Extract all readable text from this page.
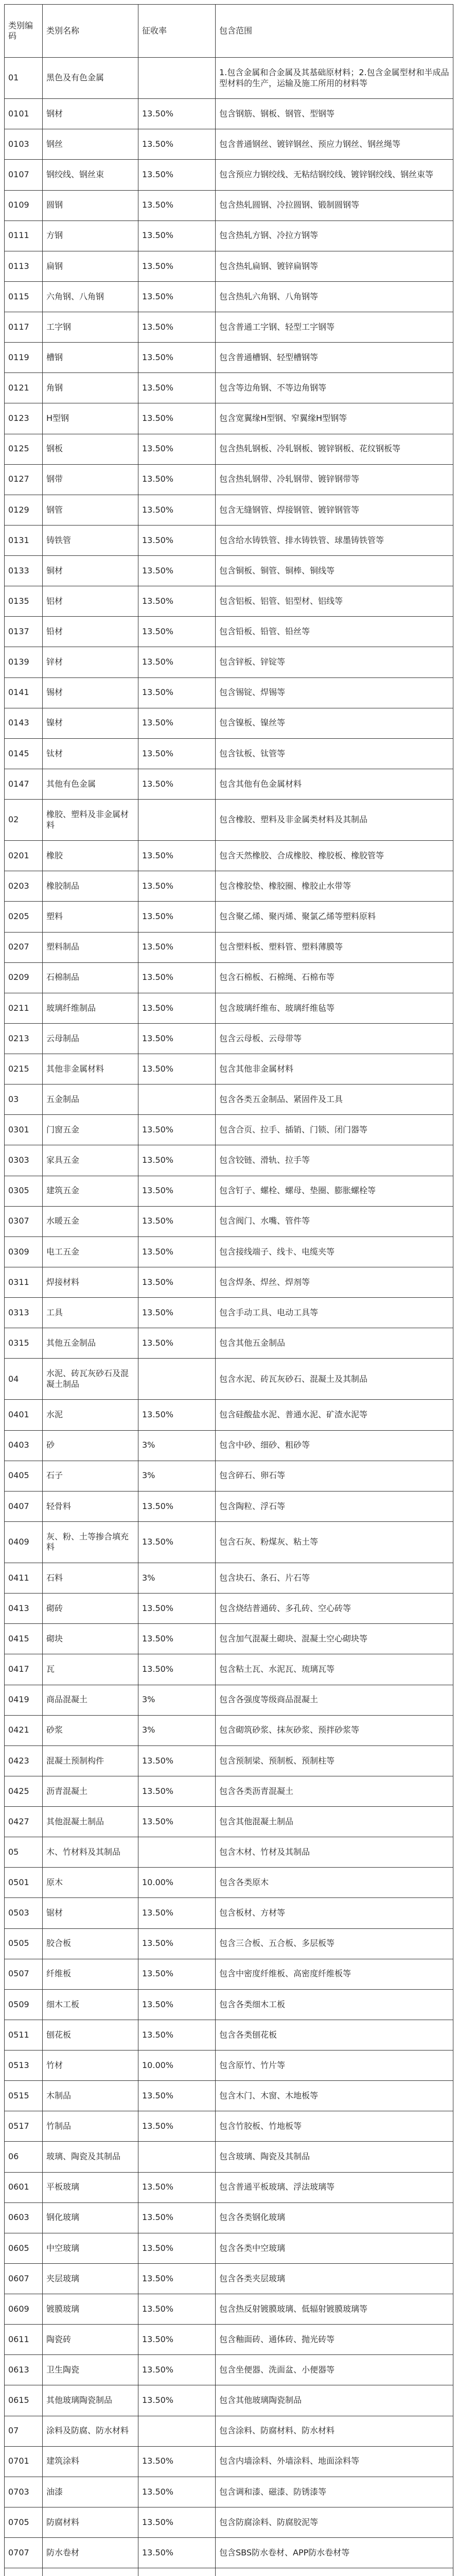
类别编码	类别名称	征收率	包含范围
01	黑色及有色金属		1.包含金属和合金属及其基础原材料；2.包含金属型材和半成品型材料的生产，运输及施工所用的材料等
0101	钢材	13.50%	包含钢筋、钢板、钢管、型钢等
0103	钢丝	13.50%	包含普通钢丝、镀锌钢丝、预应力钢丝、钢丝绳等
0107	钢绞线、钢丝束	13.50%	包含预应力钢绞线、无粘结钢绞线、镀锌钢绞线、钢丝束等
0109	圆钢	13.50%	包含热轧圆钢、冷拉圆钢、锻制圆钢等
0111	方钢	13.50%	包含热轧方钢、冷拉方钢等
0113	扁钢	13.50%	包含热轧扁钢、镀锌扁钢等
0115	六角钢、八角钢	13.50%	包含热轧六角钢、八角钢等
0117	工字钢	13.50%	包含普通工字钢、轻型工字钢等
0119	槽钢	13.50%	包含普通槽钢、轻型槽钢等
0121	角钢	13.50%	包含等边角钢、不等边角钢等
0123	H型钢	13.50%	包含宽翼缘H型钢、窄翼缘H型钢等
0125	钢板	13.50%	包含热轧钢板、冷轧钢板、镀锌钢板、花纹钢板等
0127	钢带	13.50%	包含热轧钢带、冷轧钢带、镀锌钢带等
0129	钢管	13.50%	包含无缝钢管、焊接钢管、镀锌钢管等
0131	铸铁管	13.50%	包含给水铸铁管、排水铸铁管、球墨铸铁管等
0133	铜材	13.50%	包含铜板、铜管、铜棒、铜线等
0135	铝材	13.50%	包含铝板、铝管、铝型材、铝线等
0137	铅材	13.50%	包含铅板、铅管、铅丝等
0139	锌材	13.50%	包含锌板、锌锭等
0141	锡材	13.50%	包含锡锭、焊锡等
0143	镍材	13.50%	包含镍板、镍丝等
0145	钛材	13.50%	包含钛板、钛管等
0147	其他有色金属	13.50%	包含其他有色金属材料
02	橡胶、塑料及非金属材料		包含橡胶、塑料及非金属类材料及其制品
0201	橡胶	13.50%	包含天然橡胶、合成橡胶、橡胶板、橡胶管等
0203	橡胶制品	13.50%	包含橡胶垫、橡胶圈、橡胶止水带等
0205	塑料	13.50%	包含聚乙烯、聚丙烯、聚氯乙烯等塑料原料
0207	塑料制品	13.50%	包含塑料板、塑料管、塑料薄膜等
0209	石棉制品	13.50%	包含石棉板、石棉绳、石棉布等
0211	玻璃纤维制品	13.50%	包含玻璃纤维布、玻璃纤维毡等
0213	云母制品	13.50%	包含云母板、云母带等
0215	其他非金属材料	13.50%	包含其他非金属材料
03	五金制品		包含各类五金制品、紧固件及工具
0301	门窗五金	13.50%	包含合页、拉手、插销、门锁、闭门器等
0303	家具五金	13.50%	包含铰链、滑轨、拉手等
0305	建筑五金	13.50%	包含钉子、螺栓、螺母、垫圈、膨胀螺栓等
0307	水暖五金	13.50%	包含阀门、水嘴、管件等
0309	电工五金	13.50%	包含接线端子、线卡、电缆夹等
0311	焊接材料	13.50%	包含焊条、焊丝、焊剂等
0313	工具	13.50%	包含手动工具、电动工具等
0315	其他五金制品	13.50%	包含其他五金制品
04	水泥、砖瓦灰砂石及混凝土制品		包含水泥、砖瓦灰砂石、混凝土及其制品
0401	水泥	13.50%	包含硅酸盐水泥、普通水泥、矿渣水泥等
0403	砂	3%	包含中砂、细砂、粗砂等
0405	石子	3%	包含碎石、卵石等
0407	轻骨料	13.50%	包含陶粒、浮石等
0409	灰、粉、土等掺合填充料	13.50%	包含石灰、粉煤灰、粘土等
0411	石料	3%	包含块石、条石、片石等
0413	砌砖	13.50%	包含烧结普通砖、多孔砖、空心砖等
0415	砌块	13.50%	包含加气混凝土砌块、混凝土空心砌块等
0417	瓦	13.50%	包含粘土瓦、水泥瓦、琉璃瓦等
0419	商品混凝土	3%	包含各强度等级商品混凝土
0421	砂浆	3%	包含砌筑砂浆、抹灰砂浆、预拌砂浆等
0423	混凝土预制构件	13.50%	包含预制梁、预制板、预制柱等
0425	沥青混凝土	13.50%	包含各类沥青混凝土
0427	其他混凝土制品	13.50%	包含其他混凝土制品
05	木、竹材料及其制品		包含木材、竹材及其制品
0501	原木	10.00%	包含各类原木
0503	锯材	13.50%	包含板材、方材等
0505	胶合板	13.50%	包含三合板、五合板、多层板等
0507	纤维板	13.50%	包含中密度纤维板、高密度纤维板等
0509	细木工板	13.50%	包含各类细木工板
0511	刨花板	13.50%	包含各类刨花板
0513	竹材	10.00%	包含原竹、竹片等
0515	木制品	13.50%	包含木门、木窗、木地板等
0517	竹制品	13.50%	包含竹胶板、竹地板等
06	玻璃、陶瓷及其制品		包含玻璃、陶瓷及其制品
0601	平板玻璃	13.50%	包含普通平板玻璃、浮法玻璃等
0603	钢化玻璃	13.50%	包含各类钢化玻璃
0605	中空玻璃	13.50%	包含各类中空玻璃
0607	夹层玻璃	13.50%	包含各类夹层玻璃
0609	镀膜玻璃	13.50%	包含热反射镀膜玻璃、低辐射镀膜玻璃等
0611	陶瓷砖	13.50%	包含釉面砖、通体砖、抛光砖等
0613	卫生陶瓷	13.50%	包含坐便器、洗面盆、小便器等
0615	其他玻璃陶瓷制品	13.50%	包含其他玻璃陶瓷制品
07	涂料及防腐、防水材料		包含涂料、防腐材料、防水材料
0701	建筑涂料	13.50%	包含内墙涂料、外墙涂料、地面涂料等
0703	油漆	13.50%	包含调和漆、磁漆、防锈漆等
0705	防腐材料	13.50%	包含防腐涂料、防腐胶泥等
0707	防水卷材	13.50%	包含SBS防水卷材、APP防水卷材等
